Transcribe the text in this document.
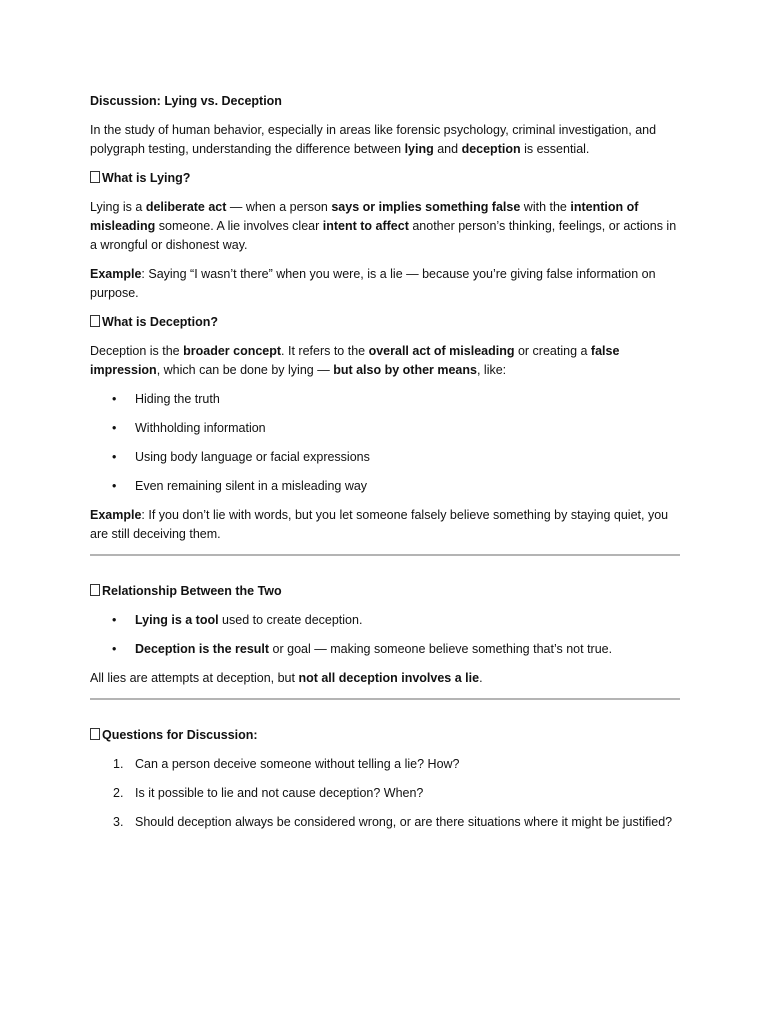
Discussion: Lying vs. Deception

In the study of human behavior, especially in areas like forensic psychology, criminal investigation, and polygraph testing, understanding the difference between lying and deception is essential.

What is Lying?

Lying is a deliberate act — when a person says or implies something false with the intention of misleading someone. A lie involves clear intent to affect another person’s thinking, feelings, or actions in a wrongful or dishonest way.

Example: Saying “I wasn’t there” when you were, is a lie — because you’re giving false information on purpose.

What is Deception?

Deception is the broader concept. It refers to the overall act of misleading or creating a false impression, which can be done by lying — but also by other means, like:

• Hiding the truth
• Withholding information
• Using body language or facial expressions
• Even remaining silent in a misleading way

Example: If you don’t lie with words, but you let someone falsely believe something by staying quiet, you are still deceiving them.

Relationship Between the Two

• Lying is a tool used to create deception.
• Deception is the result or goal — making someone believe something that’s not true.

All lies are attempts at deception, but not all deception involves a lie.

Questions for Discussion:

1. Can a person deceive someone without telling a lie? How?
2. Is it possible to lie and not cause deception? When?
3. Should deception always be considered wrong, or are there situations where it might be justified?
